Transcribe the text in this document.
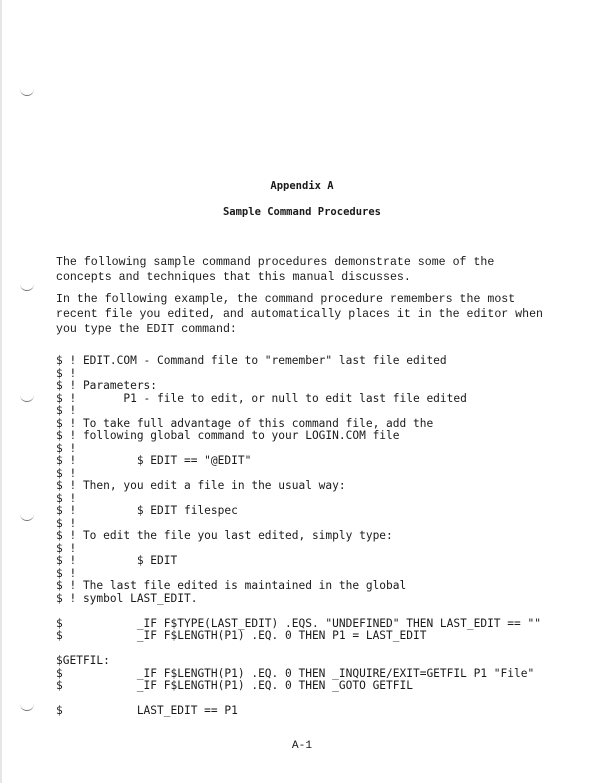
Appendix A
Sample Command Procedures

The following sample command procedures demonstrate some of the
concepts and techniques that this manual discusses.

In the following example, the command procedure remembers the most
recent file you edited, and automatically places it in the editor when
you type the EDIT command:

$ ! EDIT.COM - Command file to "remember" last file edited
$ !
$ ! Parameters:
$ !       P1 - file to edit, or null to edit last file edited
$ !
$ ! To take full advantage of this command file, add the
$ ! following global command to your LOGIN.COM file
$ !
$ !         $ EDIT == "@EDIT"
$ !
$ ! Then, you edit a file in the usual way:
$ !
$ !         $ EDIT filespec
$ !
$ ! To edit the file you last edited, simply type:
$ !
$ !         $ EDIT
$ !
$ ! The last file edited is maintained in the global
$ ! symbol LAST_EDIT.

$           _IF F$TYPE(LAST_EDIT) .EQS. "UNDEFINED" THEN LAST_EDIT == ""
$           _IF F$LENGTH(P1) .EQ. 0 THEN P1 = LAST_EDIT

$GETFIL:
$           _IF F$LENGTH(P1) .EQ. 0 THEN _INQUIRE/EXIT=GETFIL P1 "File"
$           _IF F$LENGTH(P1) .EQ. 0 THEN _GOTO GETFIL

$           LAST_EDIT == P1
A-1
